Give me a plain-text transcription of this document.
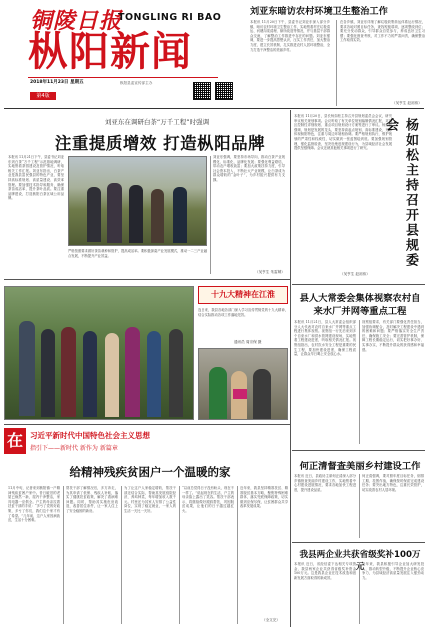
铜陵日报
TONGLING RI BAO
枞阳新闻
2018年11月23日 星期五	枞阳县委宣传部主办
第4版
刘亚东暗访农村环境卫生整治工作
本报讯 11月20日下午，县委书记刘亚东深入部分乡镇，暗访农村环境卫生整治工作，实地察看村庄垃圾清运、河塘沟渠清理、厕所改造等情况，并与基层干部群众交流，了解整治工作推进中存在的问题。刘亚东强调，要进一步提高思想认识，压实工作责任，加大整治力度，建立长效机制，扎实推进农村人居环境整治，全力打造干净整洁的美丽乡村。
在各乡镇，刘亚东详细了解垃圾收集转运体系运行情况，要求各地对照目标任务，查找短板弱项，逐项整改到位；要充分发动群众，引导群众自觉参与，养成良好卫生习惯；要强化督查考核，对工作不力的严肃问责，确保整治工作取得实效。
（吴亨生 赵裕伟）
刘亚东在调研白茶“万千工程”时强调
注重提质增效 打造枞阳品牌
本报讯 11月21日下午，县委书记刘亚东到白茶“万千工程”示范基地调研，实地察看茶园建设及管护情况，听取相关工作汇报。刘亚东指出，白茶产业是我县富民强县的特色产业，要坚持高标准规划、高质量建设、高效率管理。要加强技术指导和服务，确保茶苗成活率，提升茶叶品质。要注重品牌建设，打造枞阳白茶区域公用品牌。
刘亚东强调，要坚持市场导向，推动白茶产业规模化、标准化、品牌化发展；要强化利益联结，带动农户增收致富；要加大政策扶持力度，引导社会资本投入，不断壮大产业规模，让白茶成为群众增收的“金叶子”，为乡村振兴提供有力支撑。
严格按照要求做好茶苗栽种和管护，提高成活率。要积极探索产业发展模式，推动一二三产业融合发展，不断提升产业效益。
（吴亨生 朱雷嫣）
本报讯 11月20日，县长杨如松主持召开县规划委员会会议，研究审议相关规划事项。会议听取了有关单位规划编制情况汇报，对城区控制性详细规划、重点项目规划设计方案等进行了审议。杨如松强调，规划是发展的龙头，要坚持高起点规划、高标准建设，充分体现枞阳特色，注重与周边环境相协调。要严格规划执行，维护规划的严肃性和权威性，切实做到一张蓝图绘到底。要加强规划管理，强化监督检查，坚决杜绝违规建设行为，为县域经济社会发展提供坚强保障。会议还就其他相关事项进行了研究。	杨如松主持召开县规委会
（吴亨生 赵裕伟）
县人大常委会集体视察农村自来水厂并网等重点工程
本报讯 11月21日，县人大常委会组织部分人大代表对农村自来水厂并网等重点工程进行集体视察。视察组一行先后来到多个自来水厂和供水管网建设现场，实地察看工程建设进度，听取相关情况汇报。视察组指出，农村饮水安全工程是重要的民生工程，要加快建设进度，确保工程质量，让群众早日喝上安全放心水。
视察组要求，有关部门要强化责任担当，加强协调配合，及时解决工程建设中遇到的困难和问题；要严格落实安全生产责任，确保施工安全；要完善管护机制，保障工程长期稳定运行，切实把好事办好、实事办实，不断提升群众的获得感和幸福感。
何正清督查美丽乡村建设工作
本报讯 近日，县政协主席何正清深入部分乡镇督查美丽乡村建设工作，实地察看中心村建设进展情况，要求各地加快工程进度，提升建设品质。
何正清强调，要对照年度目标任务，倒排工期，挂图作战，确保按时保质完成建设任务；要突出地方特色，注重长效管护，切实改善农村人居环境。
我县两企业共获省级奖补100万元
本报讯 近日，省经信委下达相关专项资金，我县两家企业共获得省级奖补资金100万元。这是我县企业在技术改造和创新发展方面取得的新成效。
近年来，我县积极引导企业加大研发投入，推动转型升级，不断提升企业核心竞争力，为县域经济高质量发展注入强劲动力。
十九大精神在江淮
连日来，我县各地各部门深入学习宣传贯彻党的十九大精神，结合实际推动各项工作落地见效。
通讯员 周宗保 摄
在 习近平新时代中国特色社会主义思想
指引下——新时代 新作为 新篇章
给精神残疾贫困户一个温暖的家
11月中旬，记者来到枞阳镇一户精神残疾贫困户家中。昔日破旧的老屋已焕然一新，屋内干净整洁，家具电器一应俱全。户主的母亲拉着扶贫干部的手说：“多亏了党的好政策，多亏了你们，我们这个家才有了希望。”几年前，这户人家因病致贫，生活十分困难。
帮扶干部了解情况后，多方奔走，为其申请了低保、残疾人补贴，落实了健康扶贫政策，解决了看病难问题。同时，帮助其实施危房改造，改善居住条件，让一家人住上了安全稳固的新房。
为了让这户人家稳定增收，帮扶干部还结合实际，帮助其发展庭院经济，养鸡种菜，每年增加收入数千元。村里还为其家人安排了公益性岗位，实现了稳定就业，一家人的生活一天比一天好。
“以前总觉得日子没有盼头，现在不一样了。”说起现在的生活，户主的母亲脸上露出了笑容。帮扶干部表示，将继续做好跟踪帮扶，巩固脱贫成果，让他们的日子越过越红火。
近年来，我县坚持精准扶贫、精准脱贫基本方略，聚焦特殊困难群体，落实兜底保障政策，切实做到应保尽保，让贫困群众共享改革发展成果。
（全文完）
